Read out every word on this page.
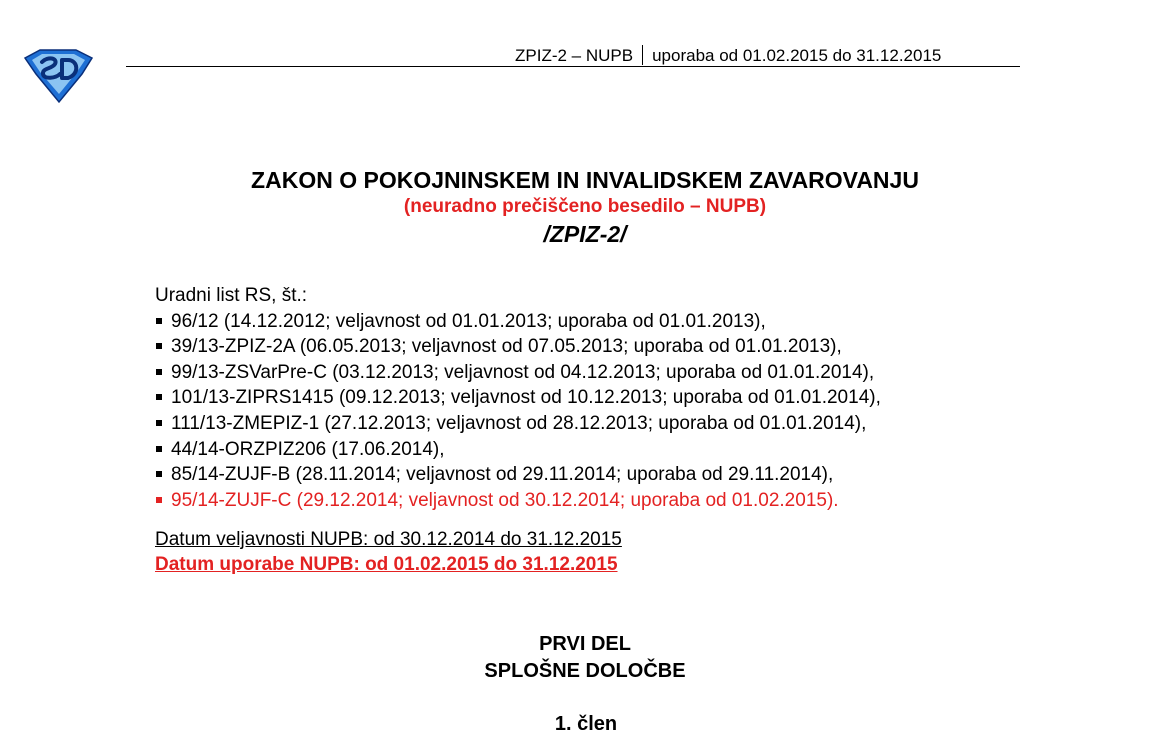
ZPIZ-2 – NUPB uporaba od 01.02.2015 do 31.12.2015
ZAKON O POKOJNINSKEM IN INVALIDSKEM ZAVAROVANJU
(neuradno prečiščeno besedilo – NUPB)
/ZPIZ-2/
Uradni list RS, št.:
96/12 (14.12.2012; veljavnost od 01.01.2013; uporaba od 01.01.2013),
39/13-ZPIZ-2A (06.05.2013; veljavnost od 07.05.2013; uporaba od 01.01.2013),
99/13-ZSVarPre-C (03.12.2013; veljavnost od 04.12.2013; uporaba od 01.01.2014),
101/13-ZIPRS1415 (09.12.2013; veljavnost od 10.12.2013; uporaba od 01.01.2014),
111/13-ZMEPIZ-1 (27.12.2013; veljavnost od 28.12.2013; uporaba od 01.01.2014),
44/14-ORZPIZ206 (17.06.2014),
85/14-ZUJF-B (28.11.2014; veljavnost od 29.11.2014; uporaba od 29.11.2014),
95/14-ZUJF-C (29.12.2014; veljavnost od 30.12.2014; uporaba od 01.02.2015).
Datum veljavnosti NUPB: od 30.12.2014 do 31.12.2015
Datum uporabe NUPB: od 01.02.2015 do 31.12.2015
PRVI DEL
SPLOŠNE DOLOČBE
1. člen
